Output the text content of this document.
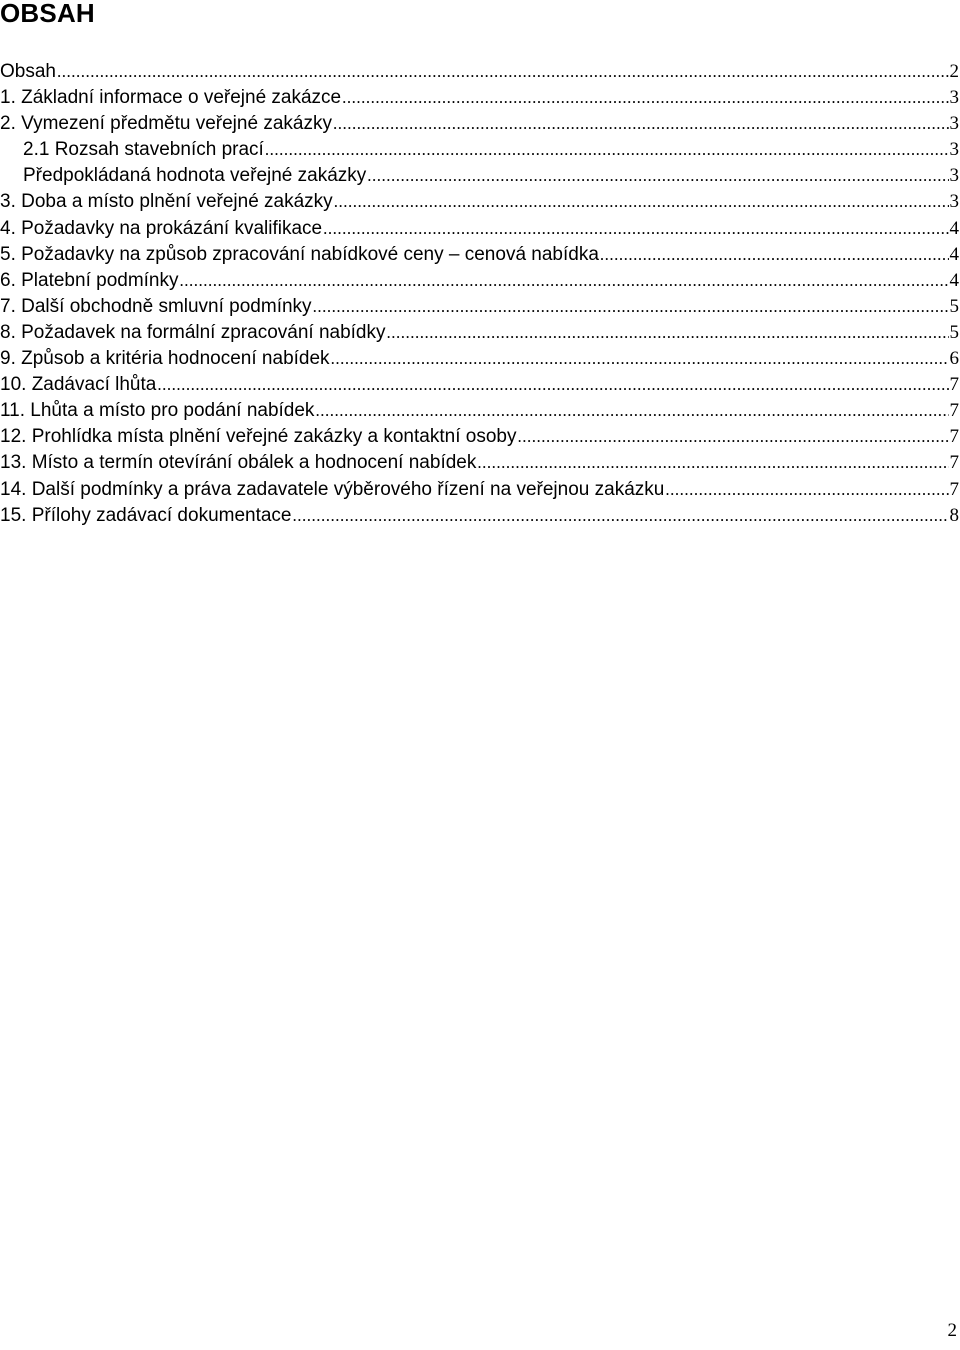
OBSAH
Obsah .....	2
1. Základní informace o veřejné zakázce .....	3
2. Vymezení předmětu veřejné zakázky .....	3
2.1 Rozsah stavebních prací .....	3
Předpokládaná hodnota veřejné zakázky .....	3
3. Doba a místo plnění veřejné zakázky .....	3
4. Požadavky na prokázání kvalifikace .....	4
5. Požadavky na způsob zpracování nabídkové ceny – cenová nabídka .....	4
6. Platební podmínky .....	4
7. Další obchodně smluvní podmínky .....	5
8. Požadavek na formální zpracování nabídky .....	5
9. Způsob a kritéria hodnocení nabídek .....	6
10. Zadávací lhůta .....	7
11. Lhůta a místo pro podání nabídek .....	7
12. Prohlídka místa plnění veřejné zakázky a kontaktní osoby .....	7
13. Místo a termín otevírání obálek a hodnocení nabídek .....	7
14. Další podmínky a práva zadavatele výběrového řízení na veřejnou zakázku .....	7
15. Přílohy zadávací dokumentace .....	8
2
